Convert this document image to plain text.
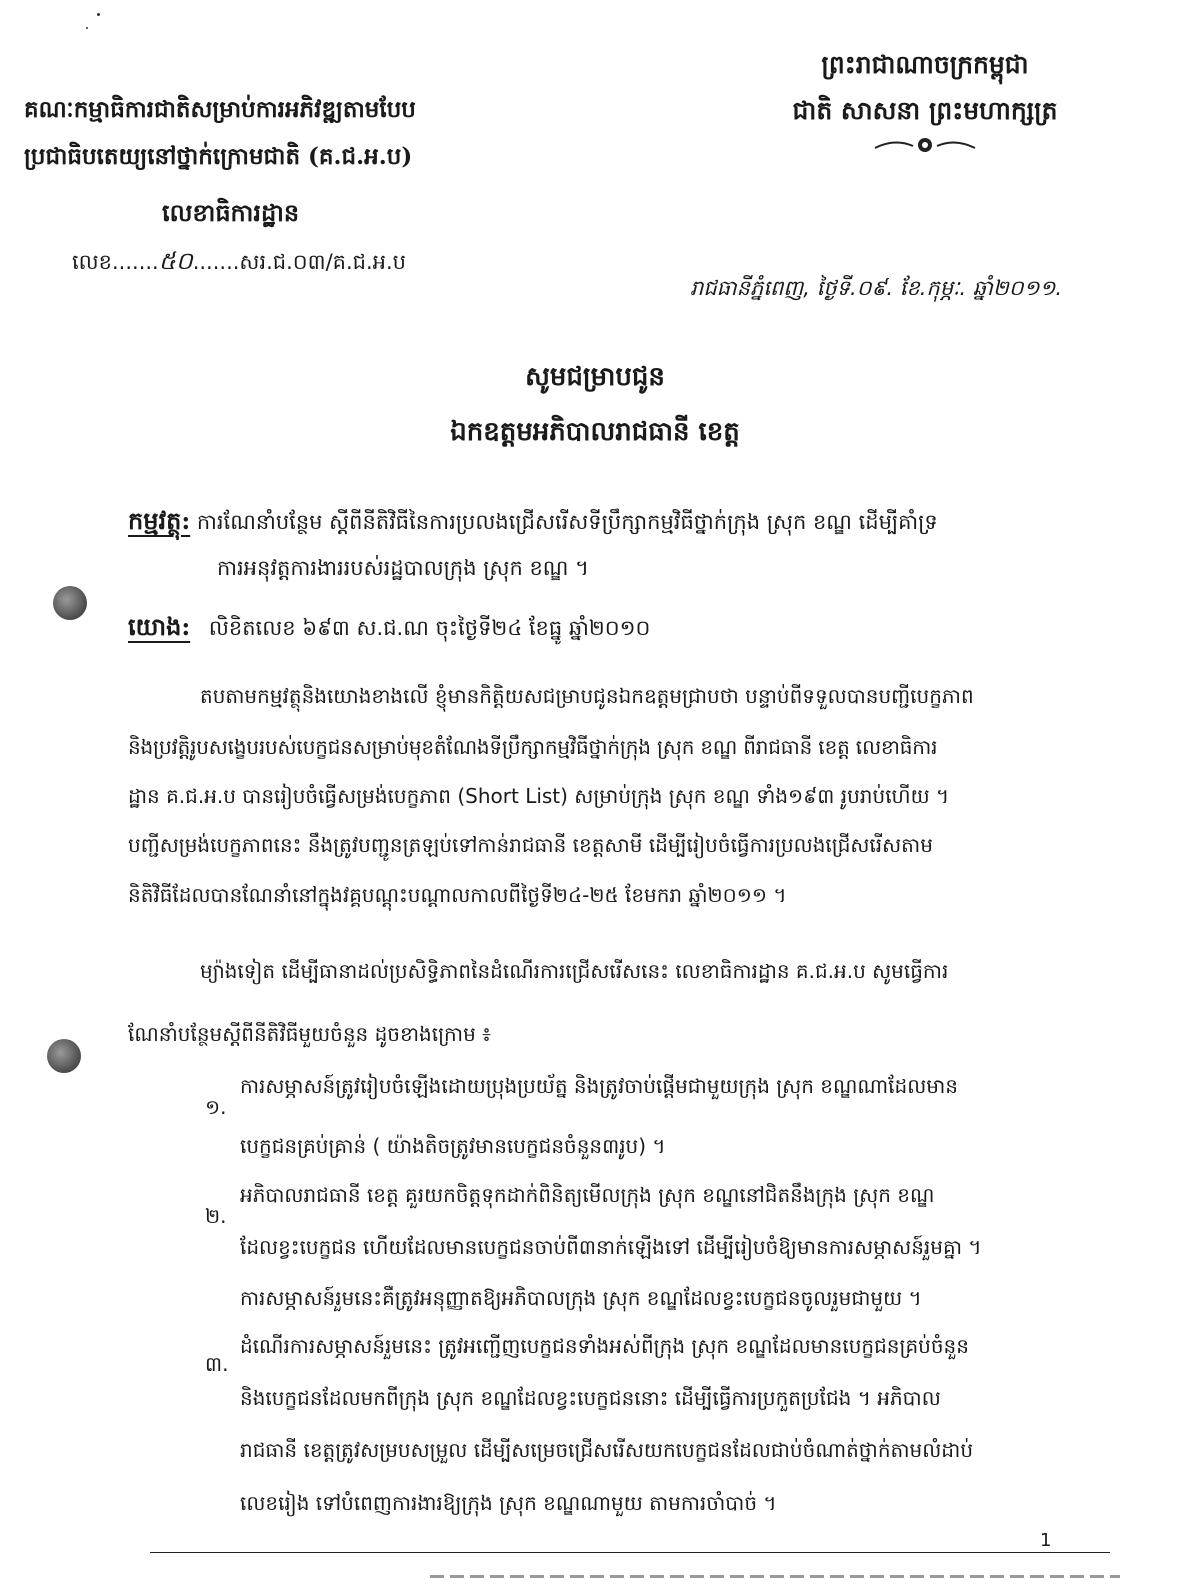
ព្រះរាជាណាចក្រកម្ពុជា
ជាតិ សាសនា ព្រះមហាក្សត្រ
គណៈកម្មាធិការជាតិសម្រាប់ការអភិវឌ្ឍតាមបែប
ប្រជាធិបតេយ្យនៅថ្នាក់ក្រោមជាតិ (គ.ជ.អ.ប)
លេខាធិការដ្ឋាន
លេខ.......៥០.......សរ.ជ.០៣/គ.ជ.អ.ប
រាជធានីភ្នំពេញ, ថ្ងៃទី.០៩. ខែ.កុម្ភៈ. ឆ្នាំ២០១១.
សូមជម្រាបជូន
ឯកឧត្តមអភិបាលរាជធានី ខេត្ត
កម្មវត្ថុ: ការណែនាំបន្ថែម ស្តីពីនីតិវិធីនៃការប្រលងជ្រើសរើសទីប្រឹក្សាកម្មវិធីថ្នាក់ក្រុង ស្រុក ខណ្ឌ ដើម្បីគាំទ្រ
ការអនុវត្តការងាររបស់រដ្ឋបាលក្រុង ស្រុក ខណ្ឌ ។
យោង: លិខិតលេខ ៦៩៣ ស.ជ.ណ ចុះថ្ងៃទី២៤ ខែធ្នូ ឆ្នាំ២០១០
តបតាមកម្មវត្ថុនិងយោងខាងលើ ខ្ញុំមានកិត្តិយសជម្រាបជូនឯកឧត្តមជ្រាបថា បន្ទាប់ពីទទួលបានបញ្ជីបេក្ខភាព
និងប្រវត្តិរូបសង្ខេបរបស់បេក្ខជនសម្រាប់មុខតំណែងទីប្រឹក្សាកម្មវិធីថ្នាក់ក្រុង ស្រុក ខណ្ឌ ពីរាជធានី ខេត្ត លេខាធិការ
ដ្ឋាន គ.ជ.អ.ប បានរៀបចំធ្វើសម្រង់បេក្ខភាព (Short List) សម្រាប់ក្រុង ស្រុក ខណ្ឌ ទាំង១៩៣ រូបរាប់ហើយ ។
បញ្ជីសម្រង់បេក្ខភាពនេះ នឹងត្រូវបញ្ជូនត្រឡប់ទៅកាន់រាជធានី ខេត្តសាមី ដើម្បីរៀបចំធ្វើការប្រលងជ្រើសរើសតាម
និតិវិធីដែលបានណែនាំនៅក្នុងវគ្គបណ្តុះបណ្តាលកាលពីថ្ងៃទី២៤-២៥ ខែមករា ឆ្នាំ២០១១ ។
ម្យ៉ាងទៀត ដើម្បីធានាដល់ប្រសិទ្ធិភាពនៃដំណើរការជ្រើសរើសនេះ លេខាធិការដ្ឋាន គ.ជ.អ.ប សូមធ្វើការ
ណែនាំបន្ថែមស្តីពីនីតិវិធីមួយចំនួន ដូចខាងក្រោម ៖
១.
ការសម្ភាសន៍ត្រូវរៀបចំឡើងដោយប្រុងប្រយ័ត្ន និងត្រូវចាប់ផ្តើមជាមួយក្រុង ស្រុក ខណ្ឌណាដែលមាន
បេក្ខជនគ្រប់គ្រាន់ ( យ៉ាងតិចត្រូវមានបេក្ខជនចំនួន៣រូប) ។
២.
អភិបាលរាជធានី ខេត្ត គួរយកចិត្តទុកដាក់ពិនិត្យមើលក្រុង ស្រុក ខណ្ឌនៅជិតនឹងក្រុង ស្រុក ខណ្ឌ
ដែលខ្វះបេក្ខជន ហើយដែលមានបេក្ខជនចាប់ពី៣នាក់ឡើងទៅ ដើម្បីរៀបចំឱ្យមានការសម្ភាសន៍រួមគ្នា ។
ការសម្ភាសន៍រួមនេះគឺត្រូវអនុញ្ញាតឱ្យអភិបាលក្រុង ស្រុក ខណ្ឌដែលខ្វះបេក្ខជនចូលរួមជាមួយ ។
៣.
ដំណើរការសម្ភាសន៍រួមនេះ ត្រូវអញ្ជើញបេក្ខជនទាំងអស់ពីក្រុង ស្រុក ខណ្ឌដែលមានបេក្ខជនគ្រប់ចំនួន
និងបេក្ខជនដែលមកពីក្រុង ស្រុក ខណ្ឌដែលខ្វះបេក្ខជននោះ ដើម្បីធ្វើការប្រកួតប្រជែង ។ អភិបាល
រាជធានី ខេត្តត្រូវសម្របសម្រួល ដើម្បីសម្រេចជ្រើសរើសយកបេក្ខជនដែលជាប់ចំណាត់ថ្នាក់តាមលំដាប់
លេខរៀង ទៅបំពេញការងារឱ្យក្រុង ស្រុក ខណ្ឌណាមួយ តាមការចាំបាច់ ។
1
